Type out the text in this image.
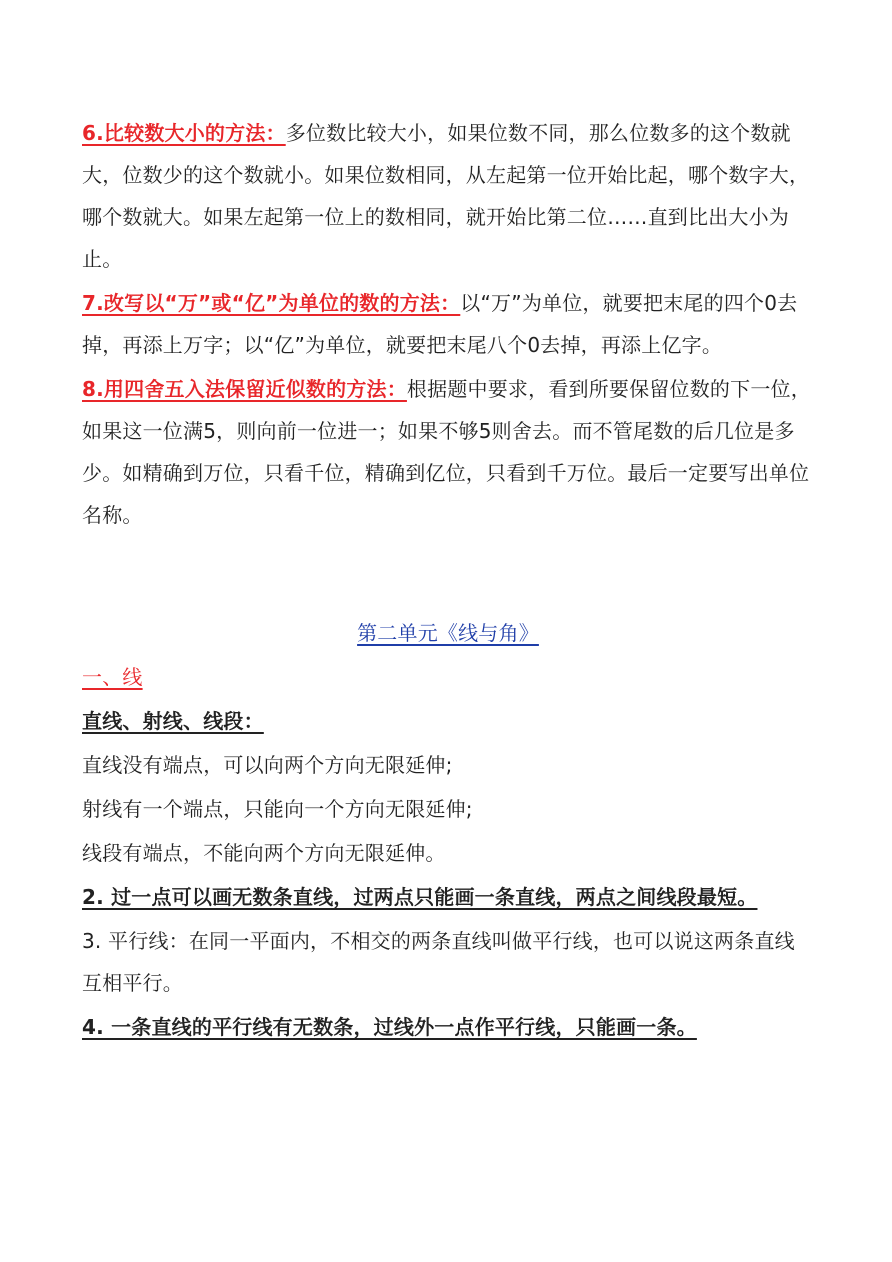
6.比较数大小的方法：多位数比较大小，如果位数不同，那么位数多的这个数就大，位数少的这个数就小。如果位数相同，从左起第一位开始比起，哪个数字大，哪个数就大。如果左起第一位上的数相同，就开始比第二位……直到比出大小为止。

7.改写以“万”或“亿”为单位的数的方法：以“万”为单位，就要把末尾的四个0去掉，再添上万字；以“亿”为单位，就要把末尾八个0去掉，再添上亿字。

8.用四舍五入法保留近似数的方法：根据题中要求，看到所要保留位数的下一位，如果这一位满5，则向前一位进一；如果不够5则舍去。而不管尾数的后几位是多少。如精确到万位，只看千位，精确到亿位，只看到千万位。最后一定要写出单位名称。

第二单元《线与角》

一、线

直线、射线、线段：

直线没有端点，可以向两个方向无限延伸;

射线有一个端点，只能向一个方向无限延伸;

线段有端点，不能向两个方向无限延伸。

2. 过一点可以画无数条直线，过两点只能画一条直线，两点之间线段最短。

3. 平行线：在同一平面内，不相交的两条直线叫做平行线，也可以说这两条直线互相平行。

4. 一条直线的平行线有无数条，过线外一点作平行线，只能画一条。
